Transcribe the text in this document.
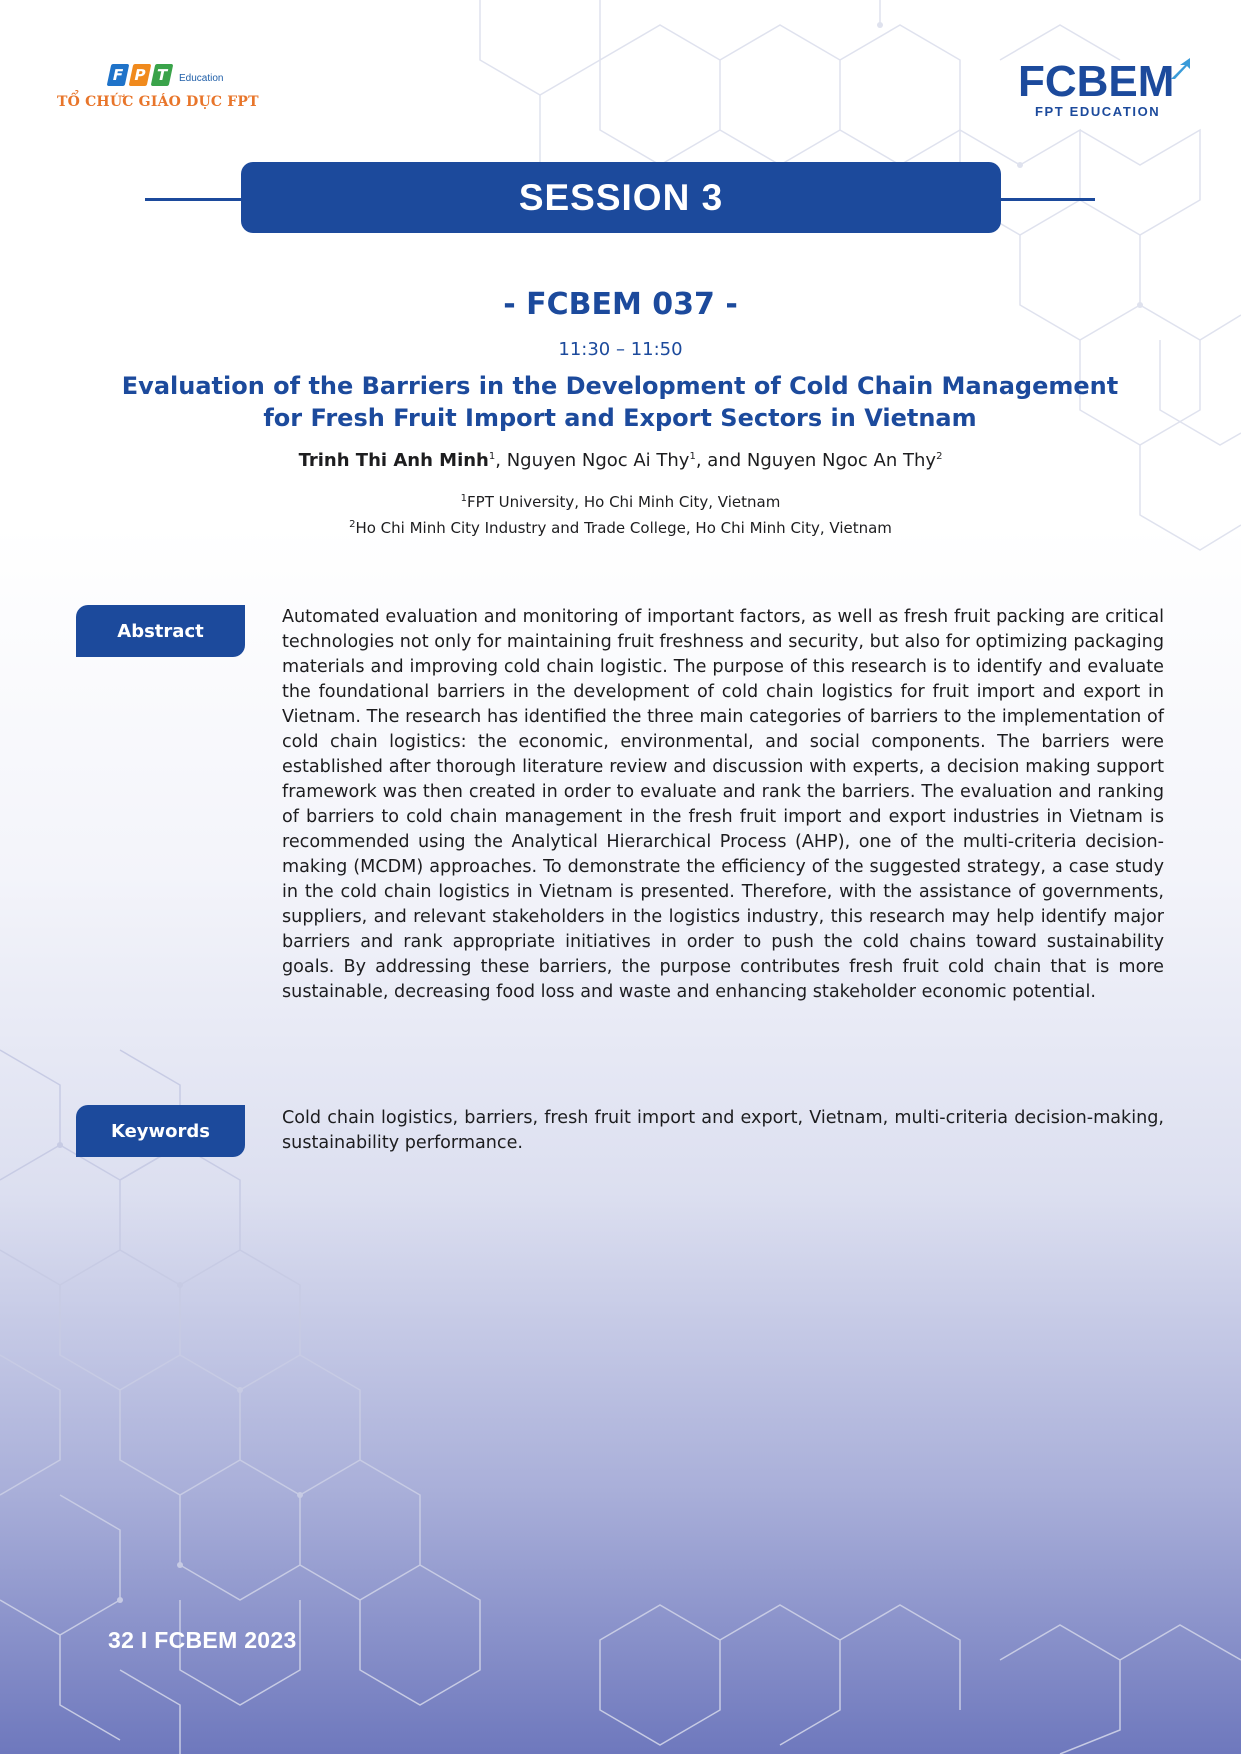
F P T Education
TỔ CHỨC GIÁO DỤC FPT	FCBEM
FPT EDUCATION
SESSION 3
- FCBEM 037 -
11:30 – 11:50
Evaluation of the Barriers in the Development of Cold Chain Management
for Fresh Fruit Import and Export Sectors in Vietnam
Trinh Thi Anh Minh$^1$, Nguyen Ngoc Ai Thy$^1$, and Nguyen Ngoc An Thy$^2$
$^1$FPT University, Ho Chi Minh City, Vietnam
$^2$Ho Chi Minh City Industry and Trade College, Ho Chi Minh City, Vietnam
Abstract
Automated evaluation and monitoring of important factors, as well as fresh fruit packing are critical technologies not only for maintaining fruit freshness and security, but also for optimizing packaging materials and improving cold chain logistic. The purpose of this research is to identify and evaluate the foundational barriers in the development of cold chain logistics for fruit import and export in Vietnam. The research has identified the three main categories of barriers to the implementation of cold chain logistics: the economic, environmental, and social components. The barriers were established after thorough literature review and discussion with experts, a decision making support framework was then created in order to evaluate and rank the barriers. The evaluation and ranking of barriers to cold chain management in the fresh fruit import and export industries in Vietnam is recommended using the Analytical Hierarchical Process (AHP), one of the multi-criteria decision-making (MCDM) approaches. To demonstrate the efficiency of the suggested strategy, a case study in the cold chain logistics in Vietnam is presented. Therefore, with the assistance of governments, suppliers, and relevant stakeholders in the logistics industry, this research may help identify major barriers and rank appropriate initiatives in order to push the cold chains toward sustainability goals. By addressing these barriers, the purpose contributes fresh fruit cold chain that is more sustainable, decreasing food loss and waste and enhancing stakeholder economic potential.
Keywords
Cold chain logistics, barriers, fresh fruit import and export, Vietnam, multi-criteria decision-making, sustainability performance.
32 I FCBEM 2023
